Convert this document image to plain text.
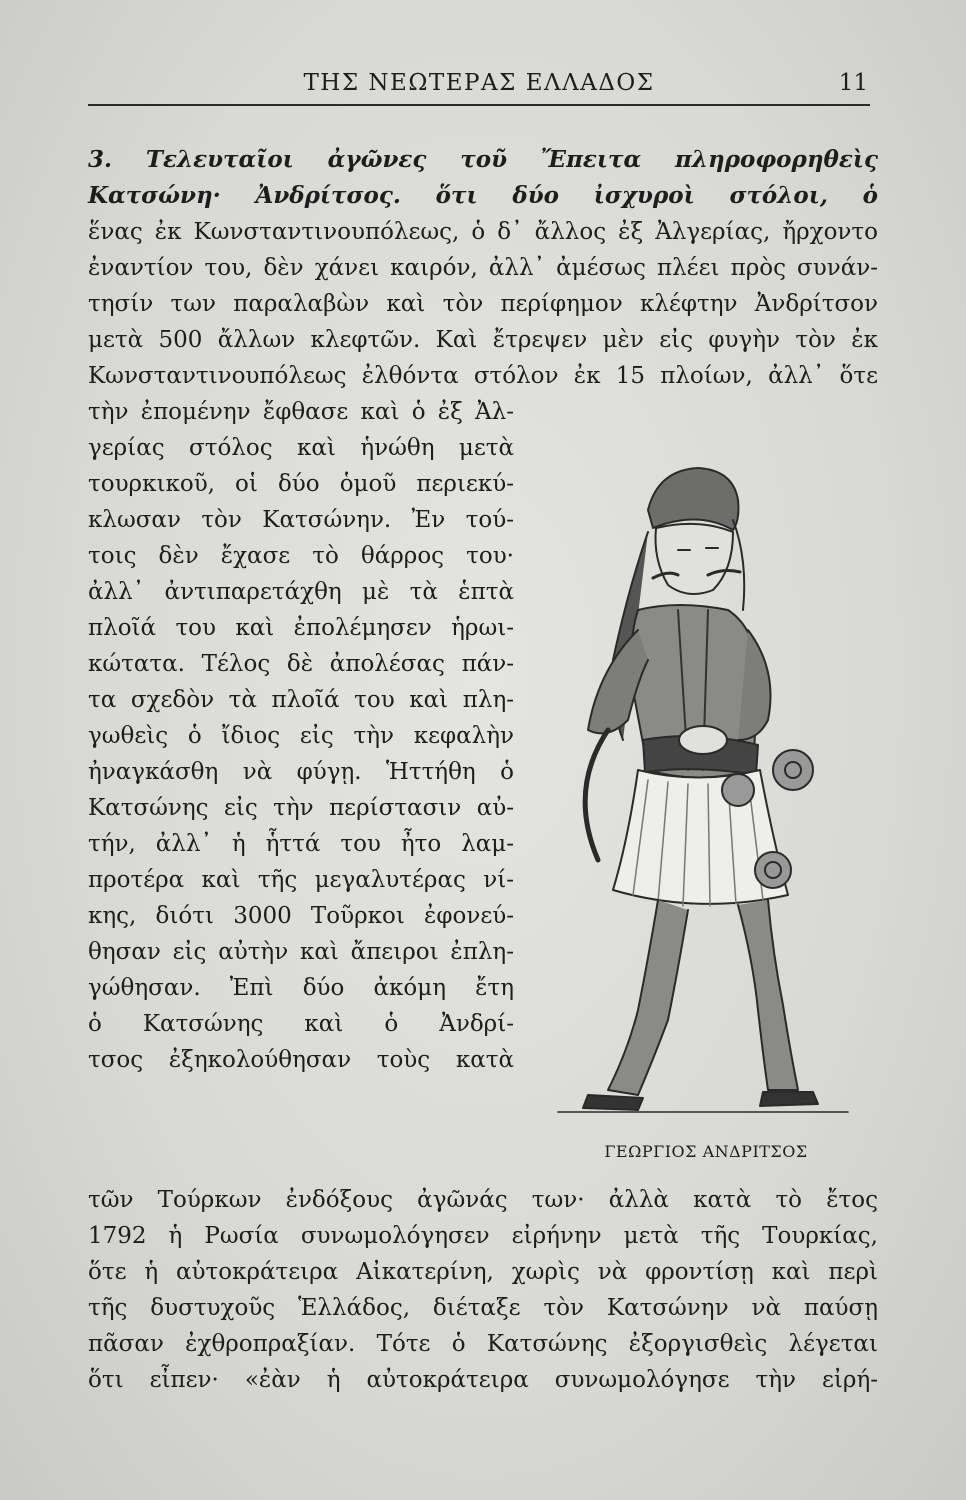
ΤΗΣ ΝΕΩΤΕΡΑΣ ΕΛΛΑΔΟΣ	11
3. Τελευταῖοι ἀγῶνες τοῦ Ἔπειτα πληροφορηθεὶς
Κατσώνη· Ἀνδρίτσος. ὅτι δύο ἰσχυροὶ στόλοι, ὁ
ἕνας ἐκ Κωνσταντινουπόλεως, ὁ δ᾿ ἄλλος ἐξ Ἀλγερίας, ἤρχοντο
ἐναντίον του, δὲν χάνει καιρόν, ἀλλ᾿ ἀμέσως πλέει πρὸς συνάν-
τησίν των παραλαβὼν καὶ τὸν περίφημον κλέφτην Ἀνδρίτσον
μετὰ 500 ἄλλων κλεφτῶν. Καὶ ἔτρεψεν μὲν εἰς φυγὴν τὸν ἐκ
Κωνσταντινουπόλεως ἐλθόντα στόλον ἐκ 15 πλοίων, ἀλλ᾿ ὅτε
τὴν ἐπομένην ἔφθασε καὶ ὁ ἐξ Ἀλ-
γερίας στόλος καὶ ἡνώθη μετὰ
τουρκικοῦ, οἱ δύο ὁμοῦ περιεκύ-
κλωσαν τὸν Κατσώνην. Ἐν τού-
τοις δὲν ἔχασε τὸ θάρρος του·
ἀλλ᾿ ἀντιπαρετάχθη μὲ τὰ ἑπτὰ
πλοῖά του καὶ ἐπολέμησεν ἡρωι-
κώτατα. Τέλος δὲ ἀπολέσας πάν-
τα σχεδὸν τὰ πλοῖά του καὶ πλη-
γωθεὶς ὁ ἴδιος εἰς τὴν κεφαλὴν
ἠναγκάσθη νὰ φύγῃ. Ἡττήθη ὁ
Κατσώνης εἰς τὴν περίστασιν αὐ-
τήν, ἀλλ᾿ ἡ ἧττά του ἦτο λαμ-
προτέρα καὶ τῆς μεγαλυτέρας νί-
κης, διότι 3000 Τοῦρκοι ἐφονεύ-
θησαν εἰς αὐτὴν καὶ ἄπειροι ἐπλη-
γώθησαν. Ἐπὶ δύο ἀκόμη ἔτη
ὁ Κατσώνης καὶ ὁ Ἀνδρί-
τσος ἐξηκολούθησαν τοὺς κατὰ
τῶν Τούρκων ἐνδόξους ἀγῶνάς των· ἀλλὰ κατὰ τὸ ἔτος
1792 ἡ Ρωσία συνωμολόγησεν εἰρήνην μετὰ τῆς Τουρκίας,
ὅτε ἡ αὐτοκράτειρα Αἰκατερίνη, χωρὶς νὰ φροντίσῃ καὶ περὶ
τῆς δυστυχοῦς Ἑλλάδος, διέταξε τὸν Κατσώνην νὰ παύσῃ
πᾶσαν ἐχθροπραξίαν. Τότε ὁ Κατσώνης ἐξοργισθεὶς λέγεται
ὅτι εἶπεν· «ἐὰν ἡ αὐτοκράτειρα συνωμολόγησε τὴν εἰρή-
ΓΕΩΡΓΙΟΣ ΑΝΔΡΙΤΣΟΣ
